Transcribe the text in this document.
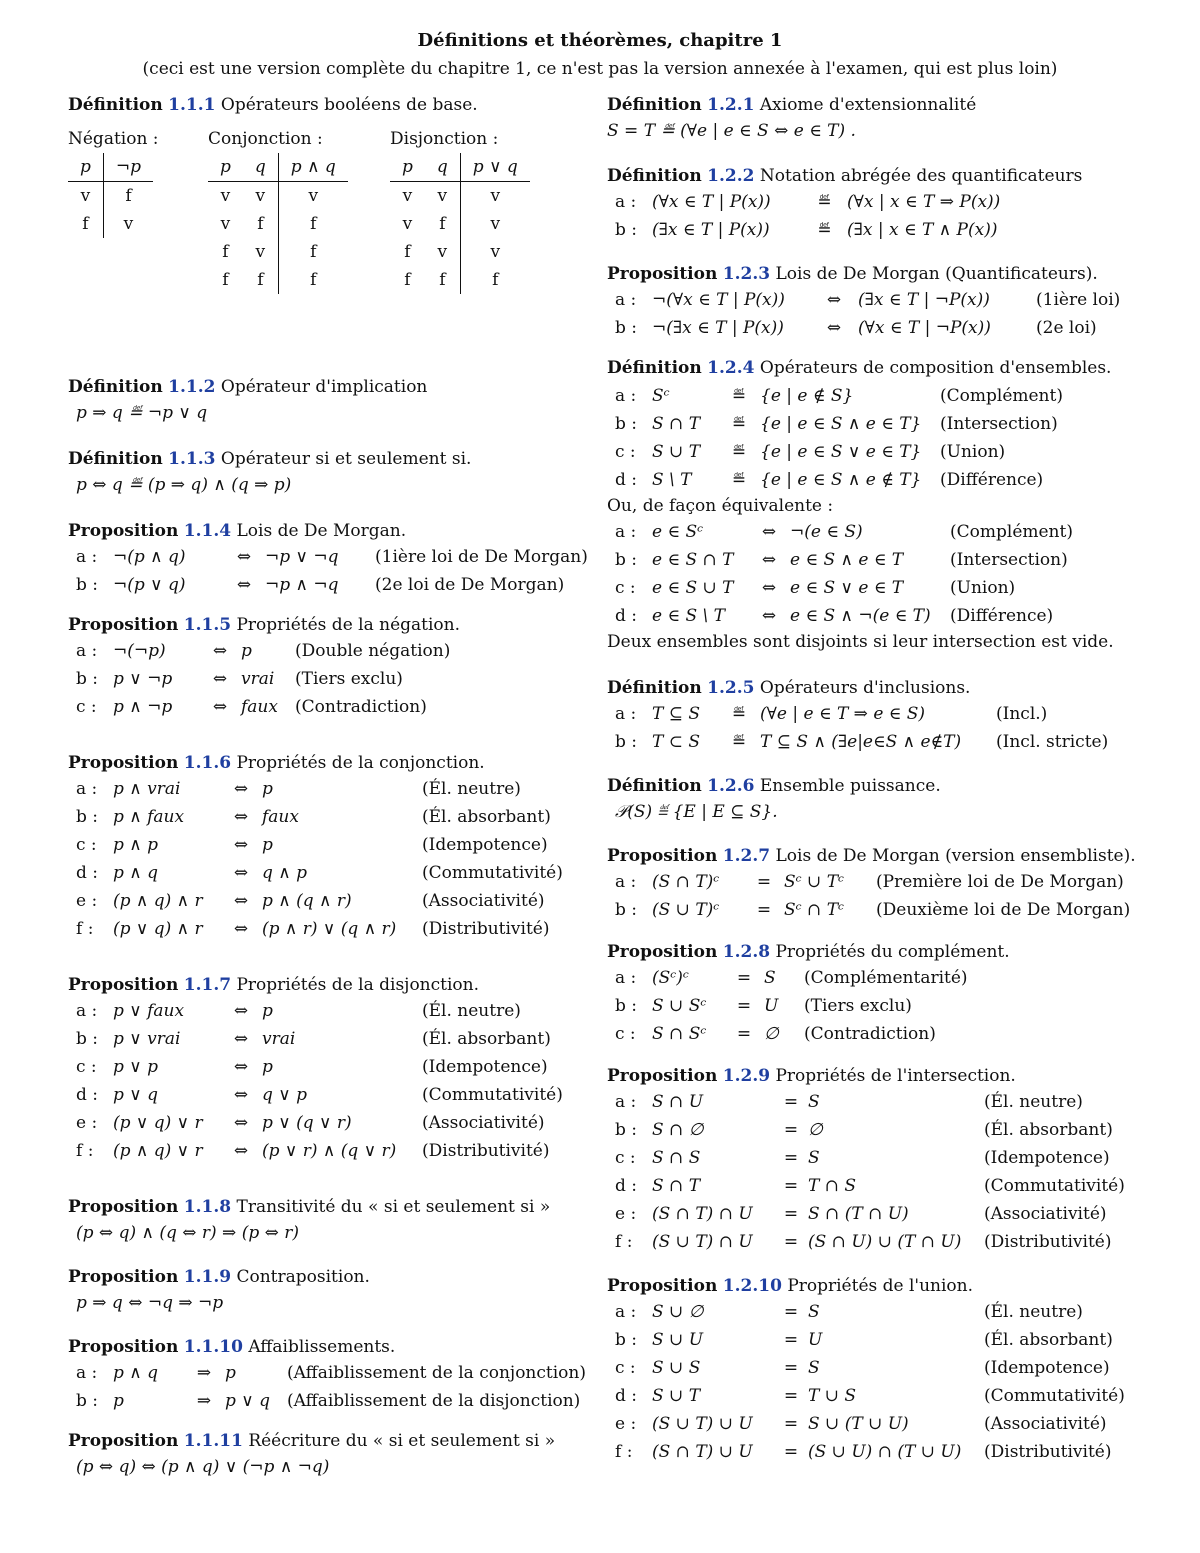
Définitions et théorèmes, chapitre 1
(ceci est une version complète du chapitre 1, ce n'est pas la version annexée à l'examen, qui est plus loin)
Définition 1.1.1 Opérateurs booléens de base.
Négation :
p	¬p
v	f
f	v
Conjonction :
p	q	p ∧ q
v	v	v
v	f	f
f	v	f
f	f	f
Disjonction :
p	q	p ∨ q
v	v	v
v	f	v
f	v	v
f	f	f
Définition 1.1.2 Opérateur d'implication
p ⇒ q ≝ ¬p ∨ q
Définition 1.1.3 Opérateur si et seulement si.
p ⇔ q ≝ (p ⇒ q) ∧ (q ⇒ p)
Proposition 1.1.4 Lois de De Morgan.
a : ¬(p ∧ q)	⇔ ¬p ∨ ¬q	(1ière loi de De Morgan)
b : ¬(p ∨ q)	⇔ ¬p ∧ ¬q	(2e loi de De Morgan)
Proposition 1.1.5 Propriétés de la négation.
a : ¬(¬p)	⇔ p	(Double négation)
b : p ∨ ¬p	⇔ vrai	(Tiers exclu)
c : p ∧ ¬p	⇔ faux	(Contradiction)
Proposition 1.1.6 Propriétés de la conjonction.
a : p ∧ vrai	⇔ p	(Él. neutre)
b : p ∧ faux	⇔ faux	(Él. absorbant)
c : p ∧ p	⇔ p	(Idempotence)
d : p ∧ q	⇔ q ∧ p	(Commutativité)
e : (p ∧ q) ∧ r	⇔ p ∧ (q ∧ r)	(Associativité)
f :	(p ∨ q) ∧ r	⇔ (p ∧ r) ∨ (q ∧ r)	(Distributivité)
Proposition 1.1.7 Propriétés de la disjonction.
a : p ∨ faux	⇔ p	(Él. neutre)
b : p ∨ vrai	⇔ vrai	(Él. absorbant)
c : p ∨ p	⇔ p	(Idempotence)
d : p ∨ q	⇔ q ∨ p	(Commutativité)
e : (p ∨ q) ∨ r	⇔ p ∨ (q ∨ r)	(Associativité)
f :	(p ∧ q) ∨ r	⇔ (p ∨ r) ∧ (q ∨ r)	(Distributivité)
Proposition 1.1.8 Transitivité du « si et seulement si »
(p ⇔ q) ∧ (q ⇔ r) ⇒ (p ⇔ r)
Proposition 1.1.9 Contraposition.
p ⇒ q ⇔ ¬q ⇒ ¬p
Proposition 1.1.10 Affaiblissements.
a : p ∧ q	⇒ p	(Affaiblissement de la conjonction)
b : p	⇒ p ∨ q (Affaiblissement de la disjonction)
Proposition 1.1.11 Réécriture du « si et seulement si »
(p ⇔ q) ⇔ (p ∧ q) ∨ (¬p ∧ ¬q)
Définition 1.2.1 Axiome d'extensionnalité
S = T ≝ (∀e | e ∈ S ⇔ e ∈ T) .
Définition 1.2.2 Notation abrégée des quantificateurs
a : (∀x ∈ T | P(x))	≝ (∀x | x ∈ T ⇒ P(x))
b : (∃x ∈ T | P(x))	≝ (∃x | x ∈ T ∧ P(x))
Proposition 1.2.3 Lois de De Morgan (Quantificateurs).
a : ¬(∀x ∈ T | P(x))	⇔ (∃x ∈ T | ¬P(x))	(1ière loi)
b : ¬(∃x ∈ T | P(x))	⇔ (∀x ∈ T | ¬P(x))	(2e loi)
Définition 1.2.4 Opérateurs de composition d'ensembles.
a : Sᶜ	≝ {e | e ∉ S}	(Complément)
b : S ∩ T	≝ {e | e ∈ S ∧ e ∈ T}	(Intersection)
c : S ∪ T	≝ {e | e ∈ S ∨ e ∈ T}	(Union)
d : S \ T	≝ {e | e ∈ S ∧ e ∉ T}	(Différence)
Ou, de façon équivalente :
a : e ∈ Sᶜ	⇔ ¬(e ∈ S)	(Complément)
b : e ∈ S ∩ T	⇔ e ∈ S ∧ e ∈ T	(Intersection)
c : e ∈ S ∪ T	⇔ e ∈ S ∨ e ∈ T	(Union)
d : e ∈ S \ T	⇔ e ∈ S ∧ ¬(e ∈ T)	(Différence)
Deux ensembles sont disjoints si leur intersection est vide.
Définition 1.2.5 Opérateurs d'inclusions.
a : T ⊆ S	≝ (∀e | e ∈ T ⇒ e ∈ S)	(Incl.)
b : T ⊂ S	≝ T ⊆ S ∧ (∃e|e∈S ∧ e∉T)	(Incl. stricte)
Définition 1.2.6 Ensemble puissance.
𝒫(S) ≝ {E | E ⊆ S}.
Proposition 1.2.7 Lois de De Morgan (version ensembliste).
a : (S ∩ T)ᶜ	= Sᶜ ∪ Tᶜ	(Première loi de De Morgan)
b : (S ∪ T)ᶜ	= Sᶜ ∩ Tᶜ	(Deuxième loi de De Morgan)
Proposition 1.2.8 Propriétés du complément.
a : (Sᶜ)ᶜ	= S	(Complémentarité)
b : S ∪ Sᶜ	= U	(Tiers exclu)
c : S ∩ Sᶜ	= ∅	(Contradiction)
Proposition 1.2.9 Propriétés de l'intersection.
a : S ∩ U	= S	(Él. neutre)
b : S ∩ ∅	= ∅	(Él. absorbant)
c : S ∩ S	= S	(Idempotence)
d : S ∩ T	= T ∩ S	(Commutativité)
e : (S ∩ T) ∩ U	= S ∩ (T ∩ U)	(Associativité)
f :	(S ∪ T) ∩ U	= (S ∩ U) ∪ (T ∩ U)	(Distributivité)
Proposition 1.2.10 Propriétés de l'union.
a : S ∪ ∅	= S	(Él. neutre)
b : S ∪ U	= U	(Él. absorbant)
c : S ∪ S	= S	(Idempotence)
d : S ∪ T	= T ∪ S	(Commutativité)
e : (S ∪ T) ∪ U	= S ∪ (T ∪ U)	(Associativité)
f :	(S ∩ T) ∪ U	= (S ∪ U) ∩ (T ∪ U)	(Distributivité)
